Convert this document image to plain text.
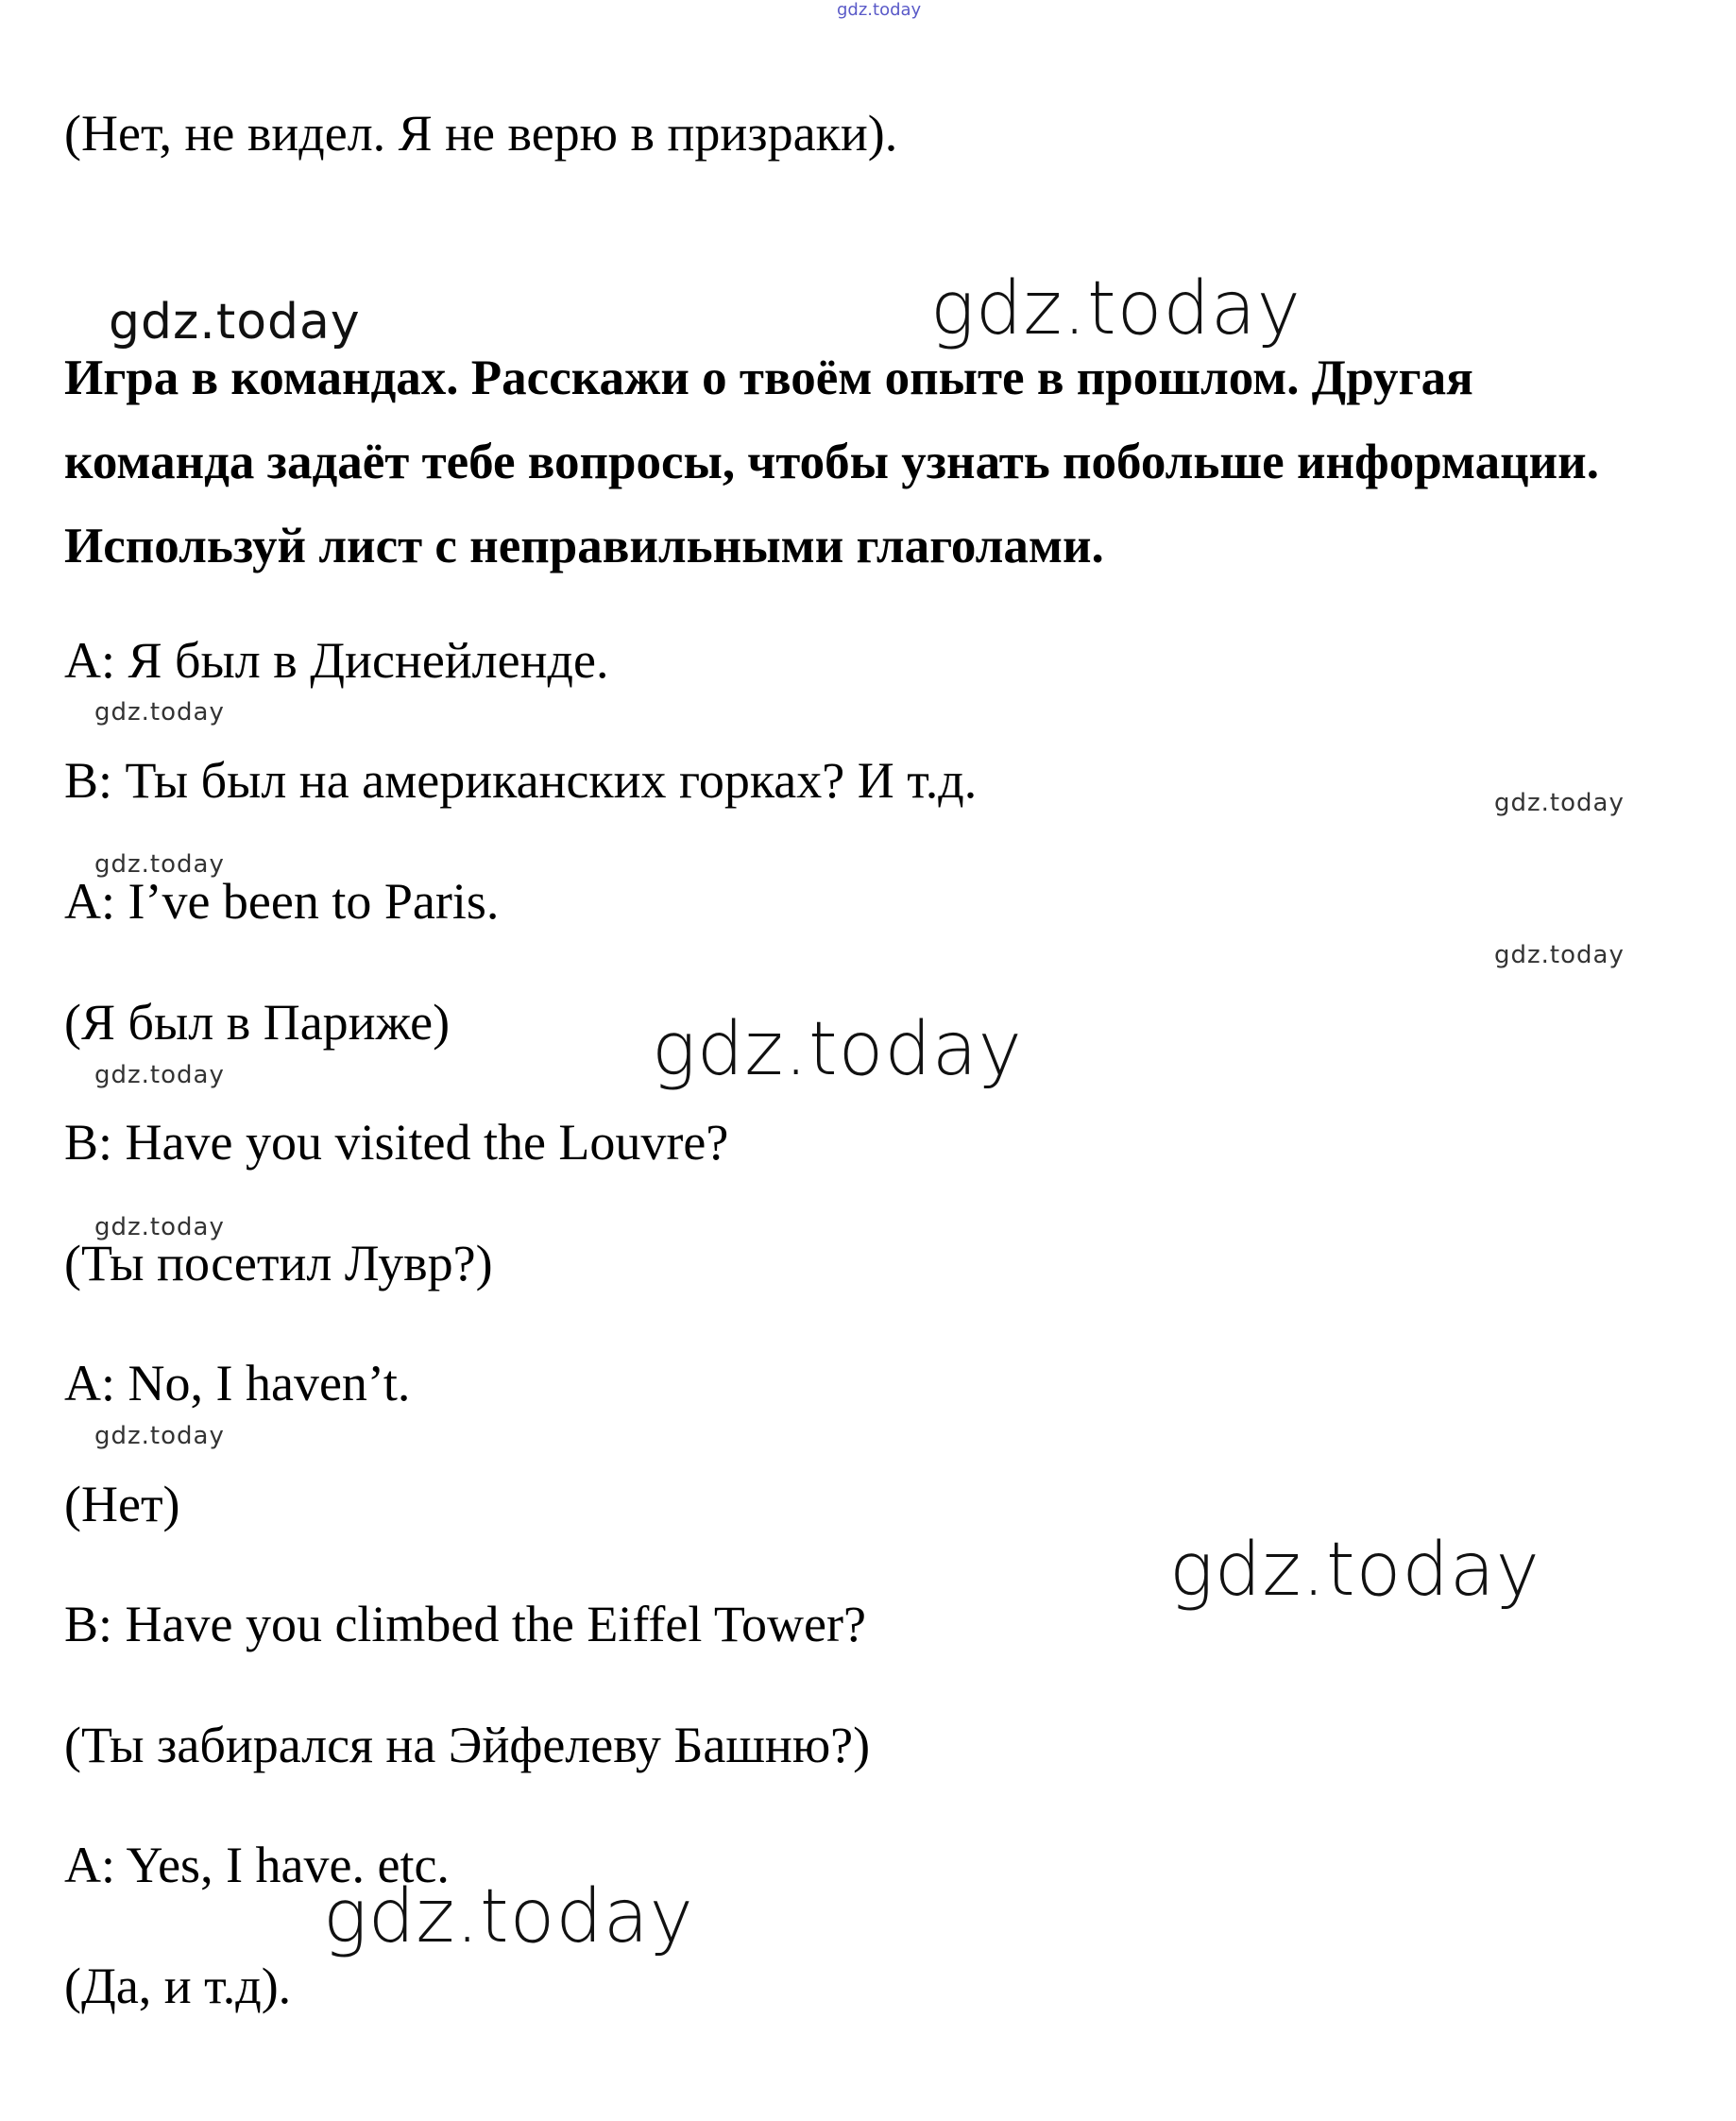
(Нет, не видел. Я не верю в призраки).
Игра в командах. Расскажи о твоём опыте в прошлом. Другая команда задаёт тебе вопросы, чтобы узнать побольше информации. Используй лист с неправильными глаголами.
A: Я был в Диснейленде.
B: Ты был на американских горках? И т.д.
A: I’ve been to Paris.
(Я был в Париже)
B: Have you visited the Louvre?
(Ты посетил Лувр?)
A: No, I haven’t.
(Нет)
B: Have you climbed the Eiffel Tower?
(Ты забирался на Эйфелеву Башню?)
A: Yes, I have. etc.
(Да, и т.д).
gdz.today
gdz.today	gdz.today
gdz.today
gdz.today
gdz.today
gdz.today
gdz.today
gdz.today
gdz.today
gdz.today
gdz.today
gdz.today
